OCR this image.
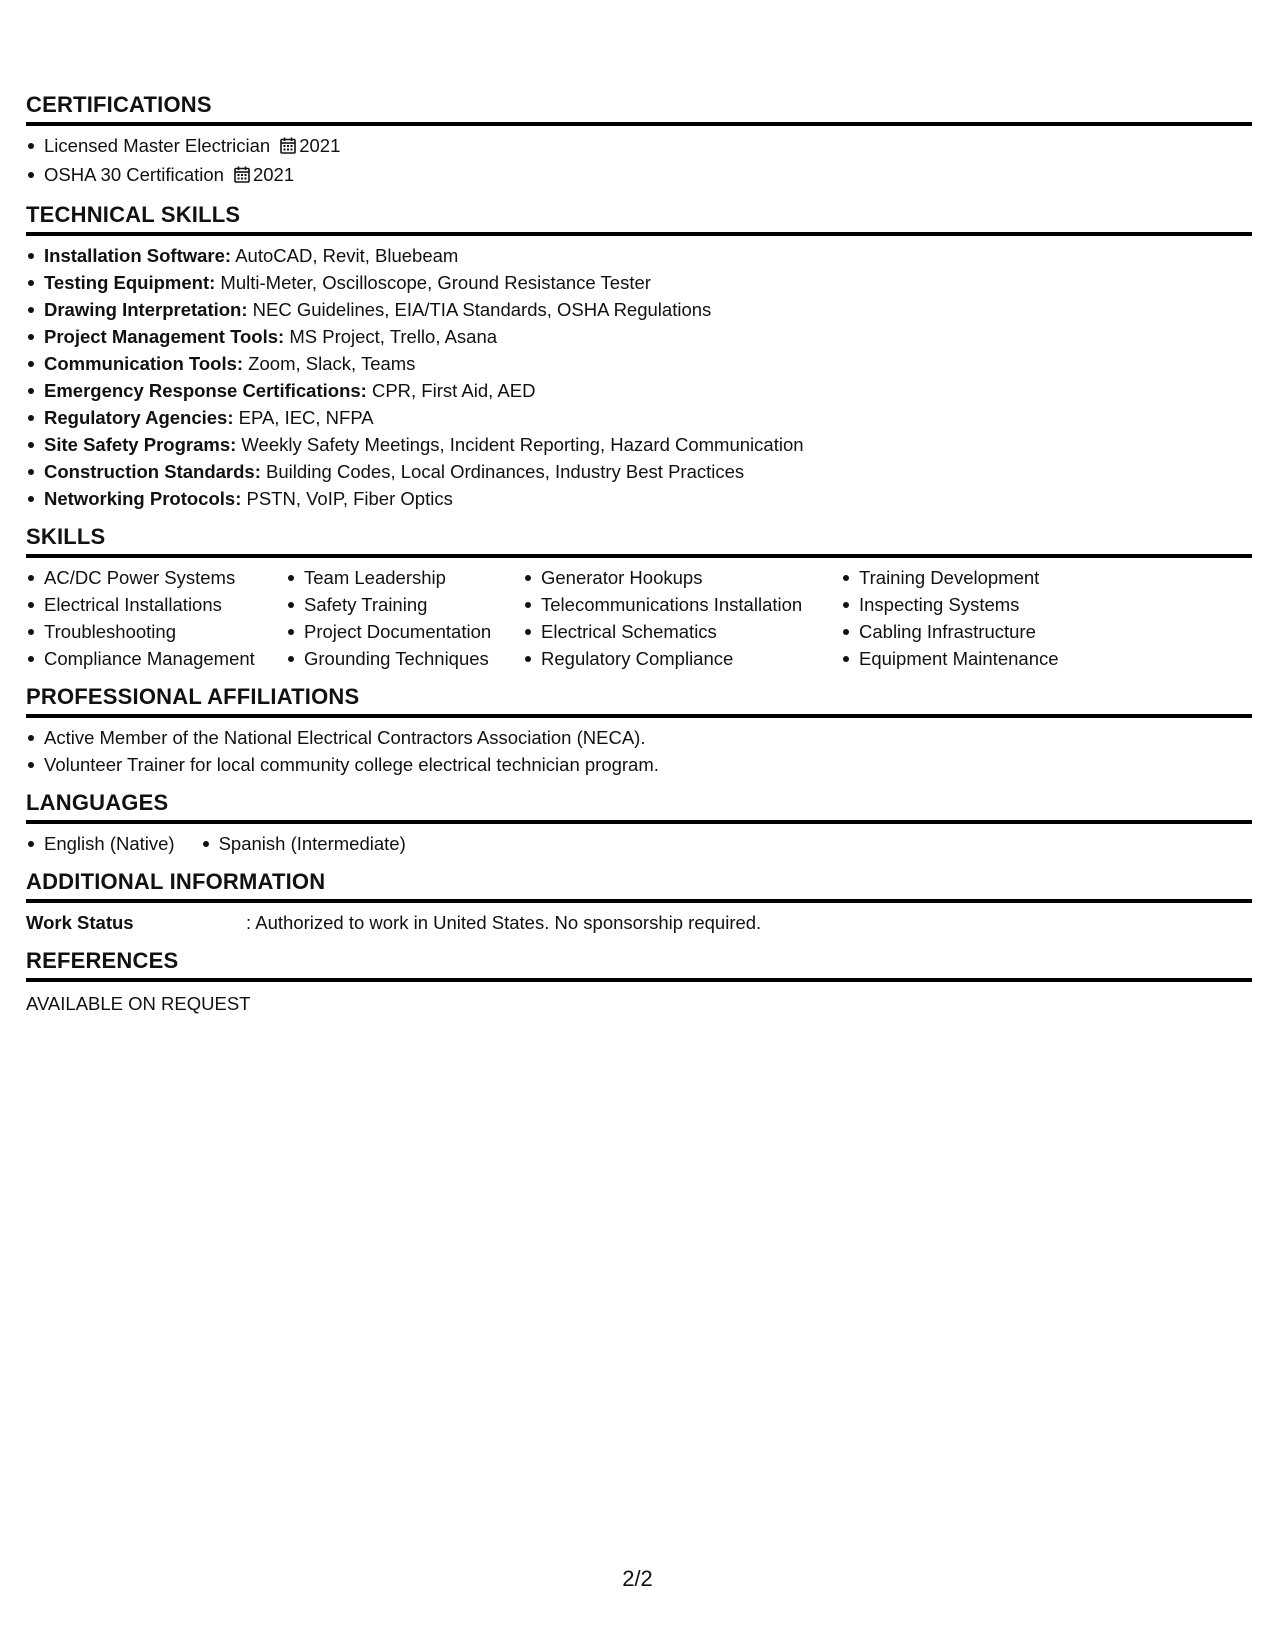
CERTIFICATIONS
Licensed Master Electrician 2021
OSHA 30 Certification 2021
TECHNICAL SKILLS
Installation Software: AutoCAD, Revit, Bluebeam
Testing Equipment: Multi-Meter, Oscilloscope, Ground Resistance Tester
Drawing Interpretation: NEC Guidelines, EIA/TIA Standards, OSHA Regulations
Project Management Tools: MS Project, Trello, Asana
Communication Tools: Zoom, Slack, Teams
Emergency Response Certifications: CPR, First Aid, AED
Regulatory Agencies: EPA, IEC, NFPA
Site Safety Programs: Weekly Safety Meetings, Incident Reporting, Hazard Communication
Construction Standards: Building Codes, Local Ordinances, Industry Best Practices
Networking Protocols: PSTN, VoIP, Fiber Optics
SKILLS
AC/DC Power Systems
Electrical Installations
Troubleshooting
Compliance Management
Team Leadership
Safety Training
Project Documentation
Grounding Techniques
Generator Hookups
Telecommunications Installation
Electrical Schematics
Regulatory Compliance
Training Development
Inspecting Systems
Cabling Infrastructure
Equipment Maintenance
PROFESSIONAL AFFILIATIONS
Active Member of the National Electrical Contractors Association (NECA).
Volunteer Trainer for local community college electrical technician program.
LANGUAGES
English (Native)	Spanish (Intermediate)
ADDITIONAL INFORMATION
Work Status	: Authorized to work in United States. No sponsorship required.
REFERENCES
AVAILABLE ON REQUEST
2/2
